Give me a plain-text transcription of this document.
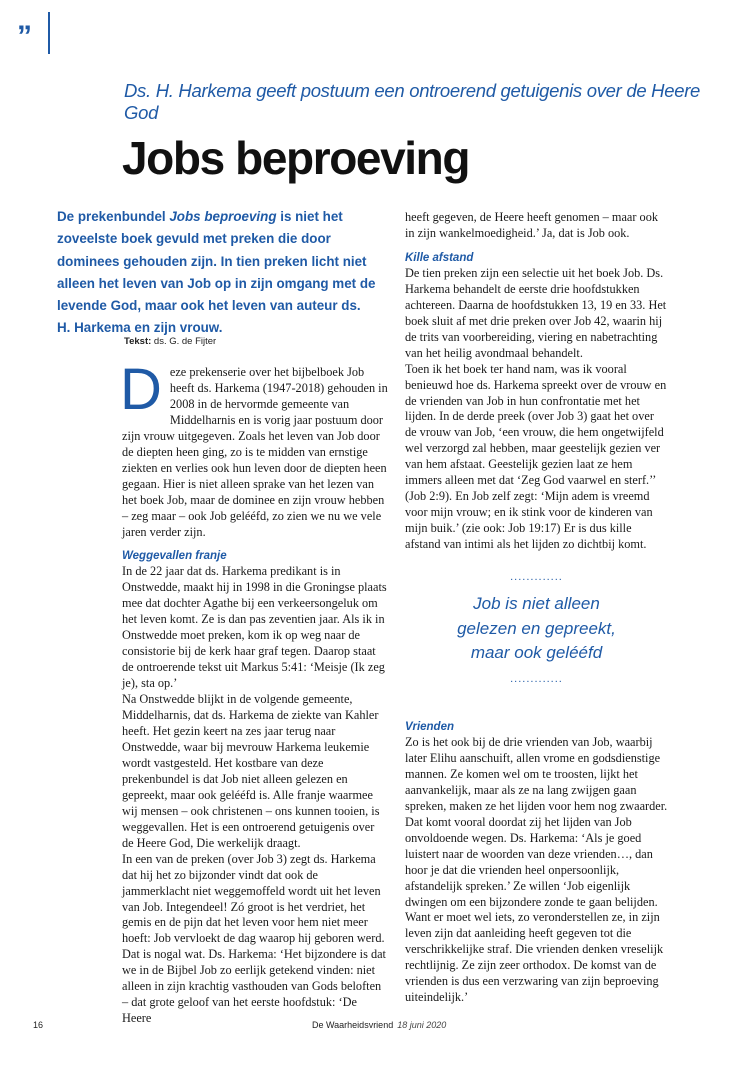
”
Ds. H. Harkema geeft postuum een ontroerend getuigenis over de Heere God
Jobs beproeving
De prekenbundel Jobs beproeving is niet het zoveelste boek gevuld met preken die door dominees gehouden zijn. In tien preken licht niet alleen het leven van Job op in zijn omgang met de levende God, maar ook het leven van auteur ds. H. Harkema en zijn vrouw.
Tekst: ds. G. de Fijter

Deze prekenserie over het bijbelboek Job heeft ds. Harkema (1947-2018) gehouden in 2008 in de hervormde gemeente van Middelharnis en is vorig jaar postuum door zijn vrouw uitgegeven. Zoals het leven van Job door de diepten heen ging, zo is te midden van ernstige ziekten en verlies ook hun leven door de diepten heen gegaan. Hier is niet alleen sprake van het lezen van het boek Job, maar de dominee en zijn vrouw hebben – zeg maar – ook Job gelééfd, zo zien we nu we vele jaren verder zijn.

Weggevallen franje

In de 22 jaar dat ds. Harkema predikant is in Onstwedde, maakt hij in 1998 in die Groningse plaats mee dat dochter Agathe bij een verkeersongeluk om het leven komt. Ze is dan pas zeventien jaar. Als ik in Onstwedde moet preken, kom ik op weg naar de consistorie bij de kerk haar graf tegen. Daarop staat de ontroerende tekst uit Markus 5:41: ‘Meisje (Ik zeg je), sta op.’

Na Onstwedde blijkt in de volgende gemeente, Middelharnis, dat ds. Harkema de ziekte van Kahler heeft. Het gezin keert na zes jaar terug naar Onstwedde, waar bij mevrouw Harkema leukemie wordt vastgesteld. Het kostbare van deze prekenbundel is dat Job niet alleen gelezen en gepreekt, maar ook gelééfd is. Alle franje waarmee wij mensen – ook christenen – ons kunnen tooien, is weggevallen. Het is een ontroerend getuigenis over de Heere God, Die werkelijk draagt.

In een van de preken (over Job 3) zegt ds. Harkema dat hij het zo bijzonder vindt dat ook de jammerklacht niet weggemoffeld wordt uit het leven van Job. Integendeel! Zó groot is het verdriet, het gemis en de pijn dat het leven voor hem niet meer hoeft: Job vervloekt de dag waarop hij geboren werd. Dat is nogal wat. Ds. Harkema: ‘Het bijzondere is dat we in de Bijbel Job zo eerlijk getekend vinden: niet alleen in zijn krachtig vasthouden van Gods beloften – dat grote geloof van het eerste hoofdstuk: ‘De Heere

heeft gegeven, de Heere heeft genomen – maar ook in zijn wankelmoedigheid.’ Ja, dat is Job ook.

Kille afstand

De tien preken zijn een selectie uit het boek Job. Ds. Harkema behandelt de eerste drie hoofdstukken achtereen. Daarna de hoofdstukken 13, 19 en 33. Het boek sluit af met drie preken over Job 42, waarin hij de trits van voorbereiding, viering en nabetrachting van het heilig avondmaal behandelt.

Toen ik het boek ter hand nam, was ik vooral benieuwd hoe ds. Harkema spreekt over de vrouw en de vrienden van Job in hun confrontatie met het lijden. In de derde preek (over Job 3) gaat het over de vrouw van Job, ‘een vrouw, die hem ongetwijfeld wel verzorgd zal hebben, maar geestelijk gezien ver van hem afstaat. Geestelijk gezien laat ze hem immers alleen met dat ‘Zeg God vaarwel en sterf.’’ (Job 2:9). En Job zelf zegt: ‘Mijn adem is vreemd voor mijn vrouw; en ik stink voor de kinderen van mijn buik.’ (zie ook: Job 19:17) Er is dus kille afstand van intimi als het lijden zo dichtbij komt.

.............
Job is niet alleen
gelezen en gepreekt,
maar ook gelééfd
.............
Vrienden

Zo is het ook bij de drie vrienden van Job, waarbij later Elihu aanschuift, allen vrome en godsdienstige mannen. Ze komen wel om te troosten, lijkt het aanvankelijk, maar als ze na lang zwijgen gaan spreken, maken ze het lijden voor hem nog zwaarder. Dat komt vooral doordat zij het lijden van Job onvoldoende wegen. Ds. Harkema: ‘Als je goed luistert naar de woorden van deze vrienden…, dan hoor je dat die vrienden heel onpersoonlijk, afstandelijk spreken.’ Ze willen ‘Job eigenlijk dwingen om een bijzondere zonde te gaan belijden. Want er moet wel iets, zo veronderstellen ze, in zijn leven zijn dat aanleiding heeft gegeven tot die verschrikkelijke straf. Die vrienden denken vreselijk rechtlijnig. Ze zijn zeer orthodox. De komst van de vrienden is dus een verzwaring van zijn beproeving uiteindelijk.’

16	De Waarheidsvriend 18 juni 2020
